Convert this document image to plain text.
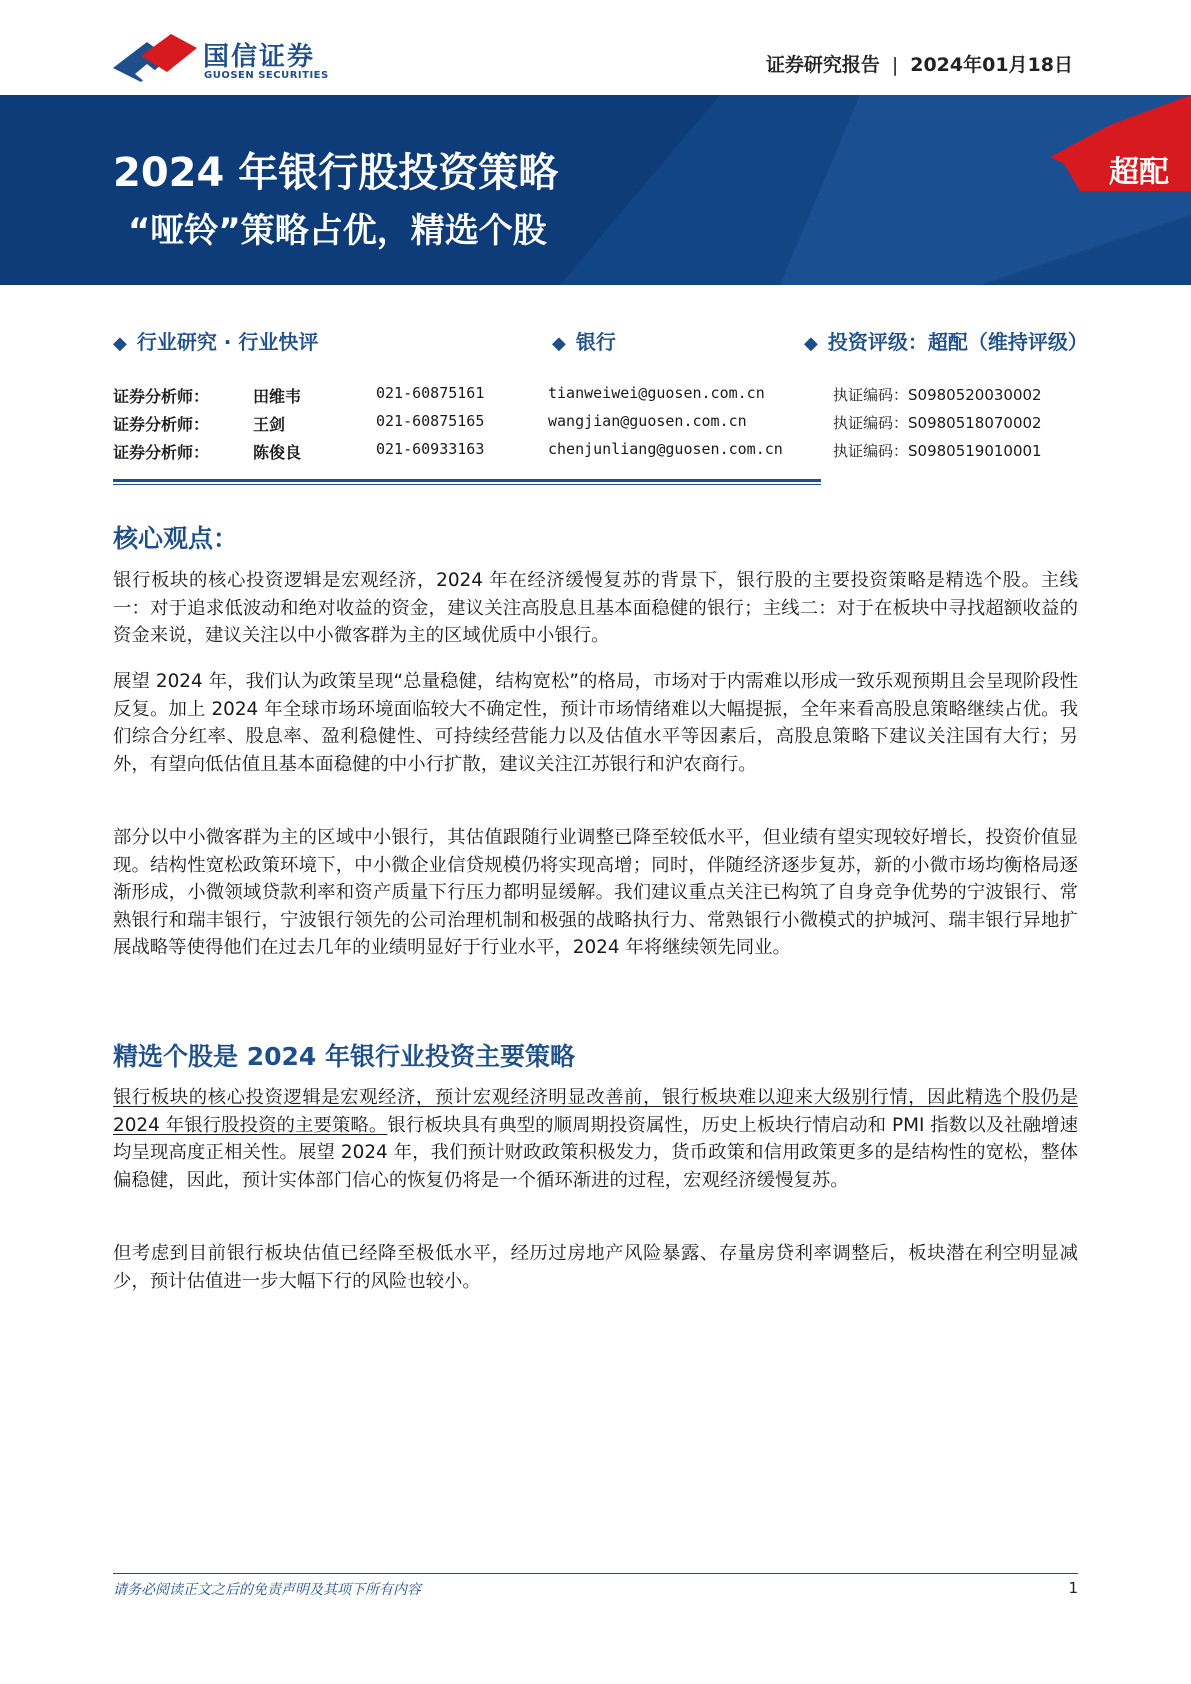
国信证券
GUOSEN SECURITIES	证券研究报告 | 2024年01月18日
2024 年银行股投资策略
“哑铃”策略占优，精选个股
超配
◆ 行业研究 · 行业快评	◆ 银行	◆ 投资评级：超配（维持评级）
证券分析师：	田维韦	021-60875161	tianweiwei@guosen.com.cn	执证编码：S0980520030002
证券分析师：	王剑	021-60875165	wangjian@guosen.com.cn	执证编码：S0980518070002
证券分析师：	陈俊良	021-60933163	chenjunliang@guosen.com.cn	执证编码：S0980519010001
核心观点：
银行板块的核心投资逻辑是宏观经济，2024 年在经济缓慢复苏的背景下，银行股的主要投资策略是精选个股。主线一：对于追求低波动和绝对收益的资金，建议关注高股息且基本面稳健的银行；主线二：对于在板块中寻找超额收益的资金来说，建议关注以中小微客群为主的区域优质中小银行。
展望 2024 年，我们认为政策呈现“总量稳健，结构宽松”的格局，市场对于内需难以形成一致乐观预期且会呈现阶段性反复。加上 2024 年全球市场环境面临较大不确定性，预计市场情绪难以大幅提振，全年来看高股息策略继续占优。我们综合分红率、股息率、盈利稳健性、可持续经营能力以及估值水平等因素后，高股息策略下建议关注国有大行；另外，有望向低估值且基本面稳健的中小行扩散，建议关注江苏银行和沪农商行。
部分以中小微客群为主的区域中小银行，其估值跟随行业调整已降至较低水平，但业绩有望实现较好增长，投资价值显现。结构性宽松政策环境下，中小微企业信贷规模仍将实现高增；同时，伴随经济逐步复苏，新的小微市场均衡格局逐渐形成，小微领域贷款利率和资产质量下行压力都明显缓解。我们建议重点关注已构筑了自身竞争优势的宁波银行、常熟银行和瑞丰银行，宁波银行领先的公司治理机制和极强的战略执行力、常熟银行小微模式的护城河、瑞丰银行异地扩展战略等使得他们在过去几年的业绩明显好于行业水平，2024 年将继续领先同业。
精选个股是 2024 年银行业投资主要策略
银行板块的核心投资逻辑是宏观经济，预计宏观经济明显改善前，银行板块难以迎来大级别行情，因此精选个股仍是 2024 年银行股投资的主要策略。银行板块具有典型的顺周期投资属性，历史上板块行情启动和 PMI 指数以及社融增速均呈现高度正相关性。展望 2024 年，我们预计财政政策积极发力，货币政策和信用政策更多的是结构性的宽松，整体偏稳健，因此，预计实体部门信心的恢复仍将是一个循环渐进的过程，宏观经济缓慢复苏。
但考虑到目前银行板块估值已经降至极低水平，经历过房地产风险暴露、存量房贷利率调整后，板块潜在利空明显减少，预计估值进一步大幅下行的风险也较小。
请务必阅读正文之后的免责声明及其项下所有内容	1
